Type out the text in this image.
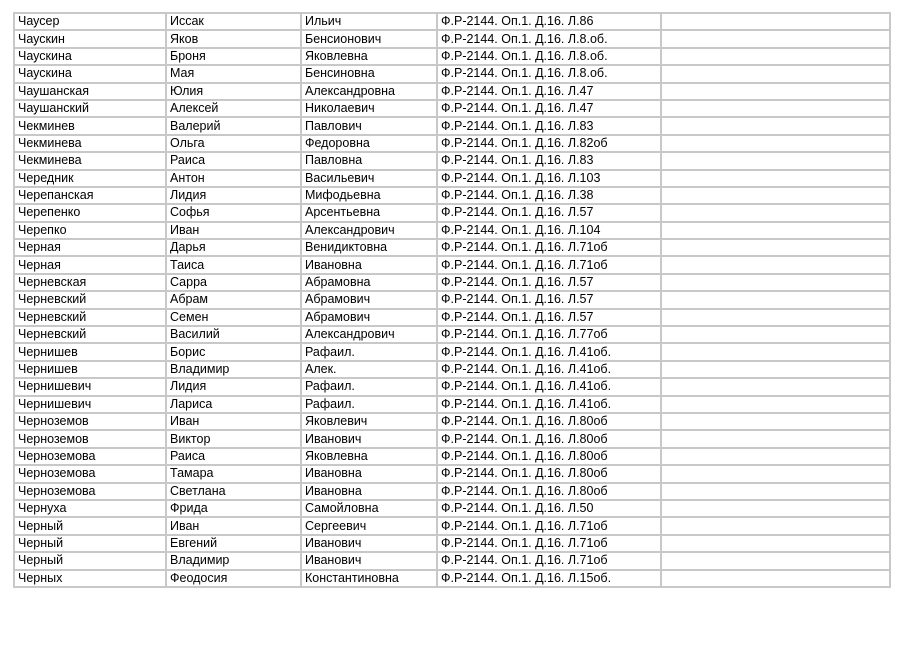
Чаусер	Иссак	Ильич	Ф.Р-2144. Оп.1. Д.16. Л.86	
Чаускин	Яков	Бенсионович	Ф.Р-2144. Оп.1. Д.16. Л.8.об.	
Чаускина	Броня	Яковлевна	Ф.Р-2144. Оп.1. Д.16. Л.8.об.	
Чаускина	Мая	Бенсиновна	Ф.Р-2144. Оп.1. Д.16. Л.8.об.	
Чаушанская	Юлия	Александровна	Ф.Р-2144. Оп.1. Д.16. Л.47	
Чаушанский	Алексей	Николаевич	Ф.Р-2144. Оп.1. Д.16. Л.47	
Чекминев	Валерий	Павлович	Ф.Р-2144. Оп.1. Д.16. Л.83	
Чекминева	Ольга	Федоровна	Ф.Р-2144. Оп.1. Д.16. Л.82об	
Чекминева	Раиса	Павловна	Ф.Р-2144. Оп.1. Д.16. Л.83	
Чередник	Антон	Васильевич	Ф.Р-2144. Оп.1. Д.16. Л.103	
Черепанская	Лидия	Мифодьевна	Ф.Р-2144. Оп.1. Д.16. Л.38	
Черепенко	Софья	Арсентьевна	Ф.Р-2144. Оп.1. Д.16. Л.57	
Черепко	Иван	Александрович	Ф.Р-2144. Оп.1. Д.16. Л.104	
Черная	Дарья	Венидиктовна	Ф.Р-2144. Оп.1. Д.16. Л.71об	
Черная	Таиса	Ивановна	Ф.Р-2144. Оп.1. Д.16. Л.71об	
Черневская	Сарра	Абрамовна	Ф.Р-2144. Оп.1. Д.16. Л.57	
Черневский	Абрам	Абрамович	Ф.Р-2144. Оп.1. Д.16. Л.57	
Черневский	Семен	Абрамович	Ф.Р-2144. Оп.1. Д.16. Л.57	
Черневский	Василий	Александрович	Ф.Р-2144. Оп.1. Д.16. Л.77об	
Чернишев	Борис	Рафаил.	Ф.Р-2144. Оп.1. Д.16. Л.41об.	
Чернишев	Владимир	Алек.	Ф.Р-2144. Оп.1. Д.16. Л.41об.	
Чернишевич	Лидия	Рафаил.	Ф.Р-2144. Оп.1. Д.16. Л.41об.	
Чернишевич	Лариса	Рафаил.	Ф.Р-2144. Оп.1. Д.16. Л.41об.	
Черноземов	Иван	Яковлевич	Ф.Р-2144. Оп.1. Д.16. Л.80об	
Черноземов	Виктор	Иванович	Ф.Р-2144. Оп.1. Д.16. Л.80об	
Черноземова	Раиса	Яковлевна	Ф.Р-2144. Оп.1. Д.16. Л.80об	
Черноземова	Тамара	Ивановна	Ф.Р-2144. Оп.1. Д.16. Л.80об	
Черноземова	Светлана	Ивановна	Ф.Р-2144. Оп.1. Д.16. Л.80об	
Чернуха	Фрида	Самойловна	Ф.Р-2144. Оп.1. Д.16. Л.50	
Черный	Иван	Сергеевич	Ф.Р-2144. Оп.1. Д.16. Л.71об	
Черный	Евгений	Иванович	Ф.Р-2144. Оп.1. Д.16. Л.71об	
Черный	Владимир	Иванович	Ф.Р-2144. Оп.1. Д.16. Л.71об	
Черных	Феодосия	Константиновна	Ф.Р-2144. Оп.1. Д.16. Л.15об.	
